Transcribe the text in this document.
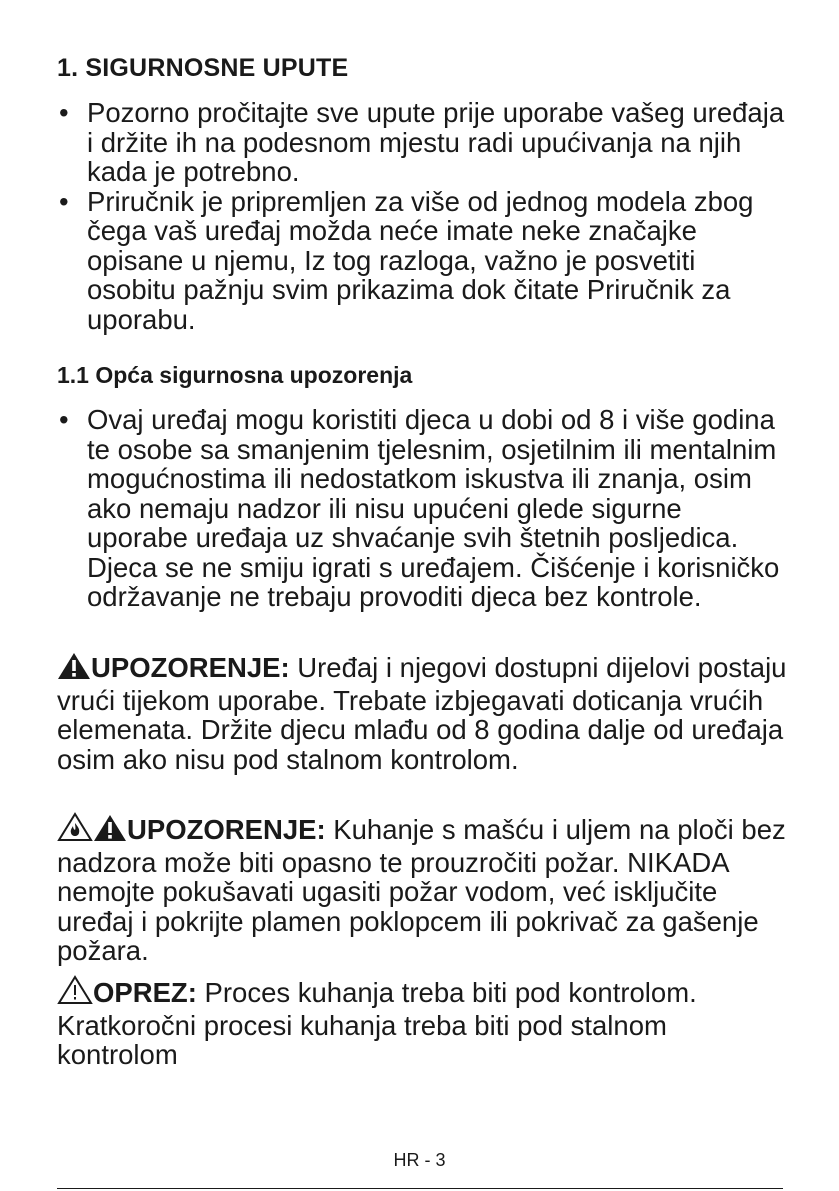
1. SIGURNOSNE UPUTE
• Pozorno pročitajte sve upute prije uporabe vašeg uređaja i držite ih na podesnom mjestu radi upućivanja na njih kada je potrebno.
• Priručnik je pripremljen za više od jednog modela zbog čega vaš uređaj možda neće imate neke značajke opisane u njemu, Iz tog razloga, važno je posvetiti osobitu pažnju svim prikazima dok čitate Priručnik za uporabu.
1.1 Opća sigurnosna upozorenja
• Ovaj uređaj mogu koristiti djeca u dobi od 8 i više godina te osobe sa smanjenim tjelesnim, osjetilnim ili mentalnim mogućnostima ili nedostatkom iskustva ili znanja, osim ako nemaju nadzor ili nisu upućeni glede sigurne uporabe uređaja uz shvaćanje svih štetnih posljedica. Djeca se ne smiju igrati s uređajem. Čišćenje i korisničko održavanje ne trebaju provoditi djeca bez kontrole.
UPOZORENJE: Uređaj i njegovi dostupni dijelovi postaju vrući tijekom uporabe. Trebate izbjegavati doticanja vrućih elemenata. Držite djecu mlađu od 8 godina dalje od uređaja osim ako nisu pod stalnom kontrolom.
UPOZORENJE: Kuhanje s mašću i uljem na ploči bez nadzora može biti opasno te prouzročiti požar. NIKADA nemojte pokušavati ugasiti požar vodom, već isključite uređaj i pokrijte plamen poklopcem ili pokrivač za gašenje požara.
OPREZ: Proces kuhanja treba biti pod kontrolom. Kratkoročni procesi kuhanja treba biti pod stalnom kontrolom
HR - 3
